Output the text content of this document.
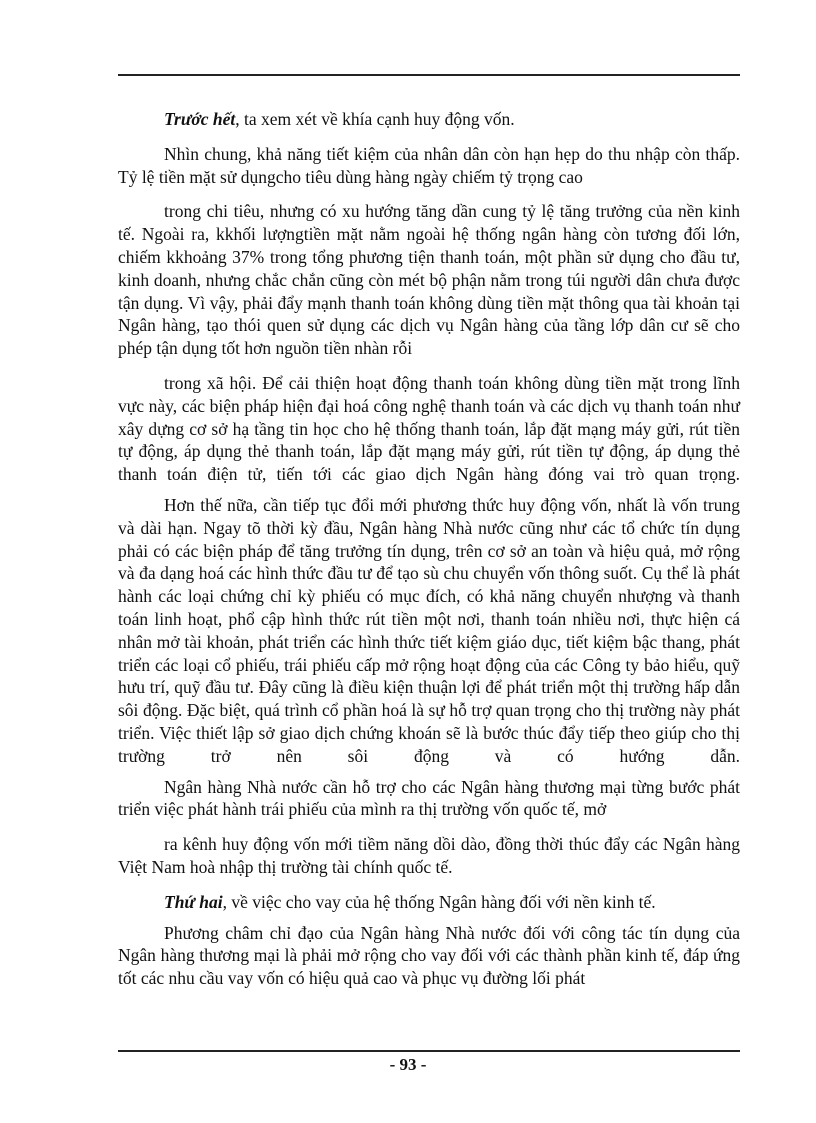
Trước hết, ta xem xét về khía cạnh huy động vốn.

Nhìn chung, khả năng tiết kiệm của nhân dân còn hạn hẹp do thu nhập còn thấp. Tỷ lệ tiền mặt sử dụngcho tiêu dùng hàng ngày chiếm tỷ trọng cao

trong chi tiêu, nhưng có xu hướng tăng dần cung tỷ lệ tăng trưởng của nền kinh tế. Ngoài ra, kkhối lượngtiền mặt nằm ngoài hệ thống ngân hàng còn tương đối lớn, chiếm kkhoảng 37% trong tổng phương tiện thanh toán, một phần sử dụng cho đầu tư, kinh doanh, nhưng chắc chắn cũng còn mét bộ phận nằm trong túi người dân chưa được tận dụng. Vì vậy, phải đẩy mạnh thanh toán không dùng tiền mặt thông qua tài khoản tại Ngân hàng, tạo thói quen sử dụng các dịch vụ Ngân hàng của tầng lớp dân cư sẽ cho phép tận dụng tốt hơn nguồn tiền nhàn rỗi

trong xã hội. Để cải thiện hoạt động thanh toán không dùng tiền mặt trong lĩnh vực này, các biện pháp hiện đại hoá công nghệ thanh toán và các dịch vụ thanh toán như xây dựng cơ sở hạ tầng tin học cho hệ thống thanh toán, lắp đặt mạng máy gửi, rút tiền tự động, áp dụng thẻ thanh toán, lắp đặt mạng máy gửi, rút tiền tự động, áp dụng thẻ thanh toán điện tử, tiến tới các giao dịch Ngân hàng đóng vai trò quan trọng.

Hơn thế nữa, cần tiếp tục đổi mới phương thức huy động vốn, nhất là vốn trung và dài hạn. Ngay tõ thời kỳ đầu, Ngân hàng Nhà nước cũng như các tổ chức tín dụng phải có các biện pháp để tăng trưởng tín dụng, trên cơ sở an toàn và hiệu quả, mở rộng và đa dạng hoá các hình thức đầu tư để tạo sù chu chuyển vốn thông suốt. Cụ thể là phát hành các loại chứng chỉ kỳ phiếu có mục đích, có khả năng chuyển nhượng và thanh toán linh hoạt, phổ cập hình thức rút tiền một nơi, thanh toán nhiều nơi, thực hiện cá nhân mở tài khoản, phát triển các hình thức tiết kiệm giáo dục, tiết kiệm bậc thang, phát triển các loại cổ phiếu, trái phiếu cấp mở rộng hoạt động của các Công ty bảo hiểu, quỹ hưu trí, quỹ đầu tư. Đây cũng là điều kiện thuận lợi để phát triển một thị trường hấp dẫn sôi động. Đặc biệt, quá trình cổ phần hoá là sự hỗ trợ quan trọng cho thị trường này phát triển. Việc thiết lập sở giao dịch chứng khoán sẽ là bước thúc đẩy tiếp theo giúp cho thị trường trở nên sôi động và có hướng dẫn.

Ngân hàng Nhà nước cần hỗ trợ cho các Ngân hàng thương mại từng bước phát triển việc phát hành trái phiếu của mình ra thị trường vốn quốc tế, mở

ra kênh huy động vốn mới tiềm năng dồi dào, đồng thời thúc đẩy các Ngân hàng Việt Nam hoà nhập thị trường tài chính quốc tế.

Thứ hai, về việc cho vay của hệ thống Ngân hàng đối với nền kinh tế.

Phương châm chỉ đạo của Ngân hàng Nhà nước đối với công tác tín dụng của Ngân hàng thương mại là phải mở rộng cho vay đối với các thành phần kinh tế, đáp ứng tốt các nhu cầu vay vốn có hiệu quả cao và phục vụ đường lối phát

- 93 -
